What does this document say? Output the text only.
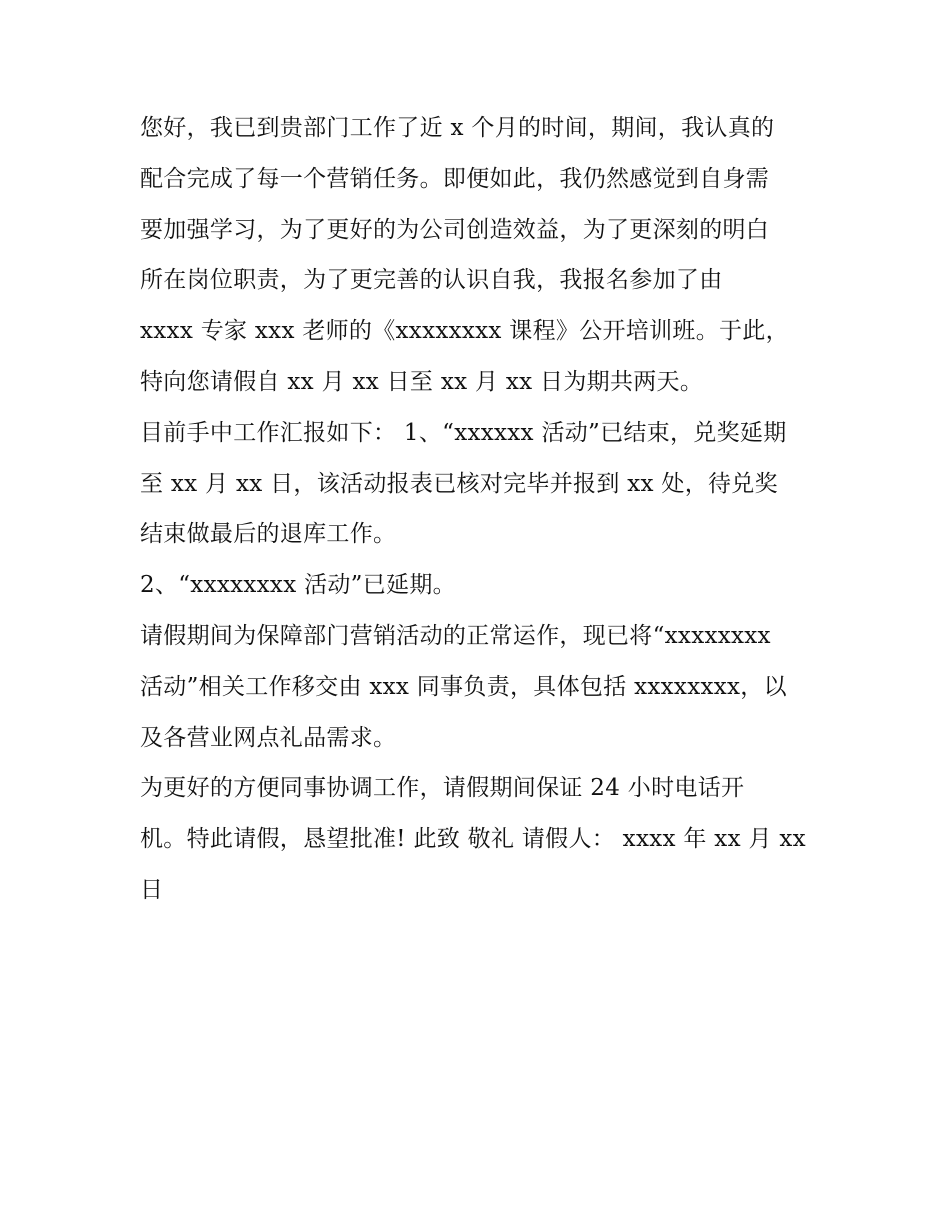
您好，我已到贵部门工作了近 x 个月的时间，期间，我认真的
配合完成了每一个营销任务。即便如此，我仍然感觉到自身需
要加强学习，为了更好的为公司创造效益，为了更深刻的明白
所在岗位职责，为了更完善的认识自我，我报名参加了由
xxxx 专家 xxx 老师的《xxxxxxxx 课程》公开培训班。于此，
特向您请假自 xx 月 xx 日至 xx 月 xx 日为期共两天。
目前手中工作汇报如下： 1、“xxxxxx 活动”已结束，兑奖延期
至 xx 月 xx 日，该活动报表已核对完毕并报到 xx 处，待兑奖
结束做最后的退库工作。
2、“xxxxxxxx 活动”已延期。
请假期间为保障部门营销活动的正常运作，现已将“xxxxxxxx
活动”相关工作移交由 xxx 同事负责，具体包括 xxxxxxxx，以
及各营业网点礼品需求。
为更好的方便同事协调工作，请假期间保证 24 小时电话开
机。特此请假，恳望批准! 此致 敬礼 请假人： xxxx 年 xx 月 xx
日
